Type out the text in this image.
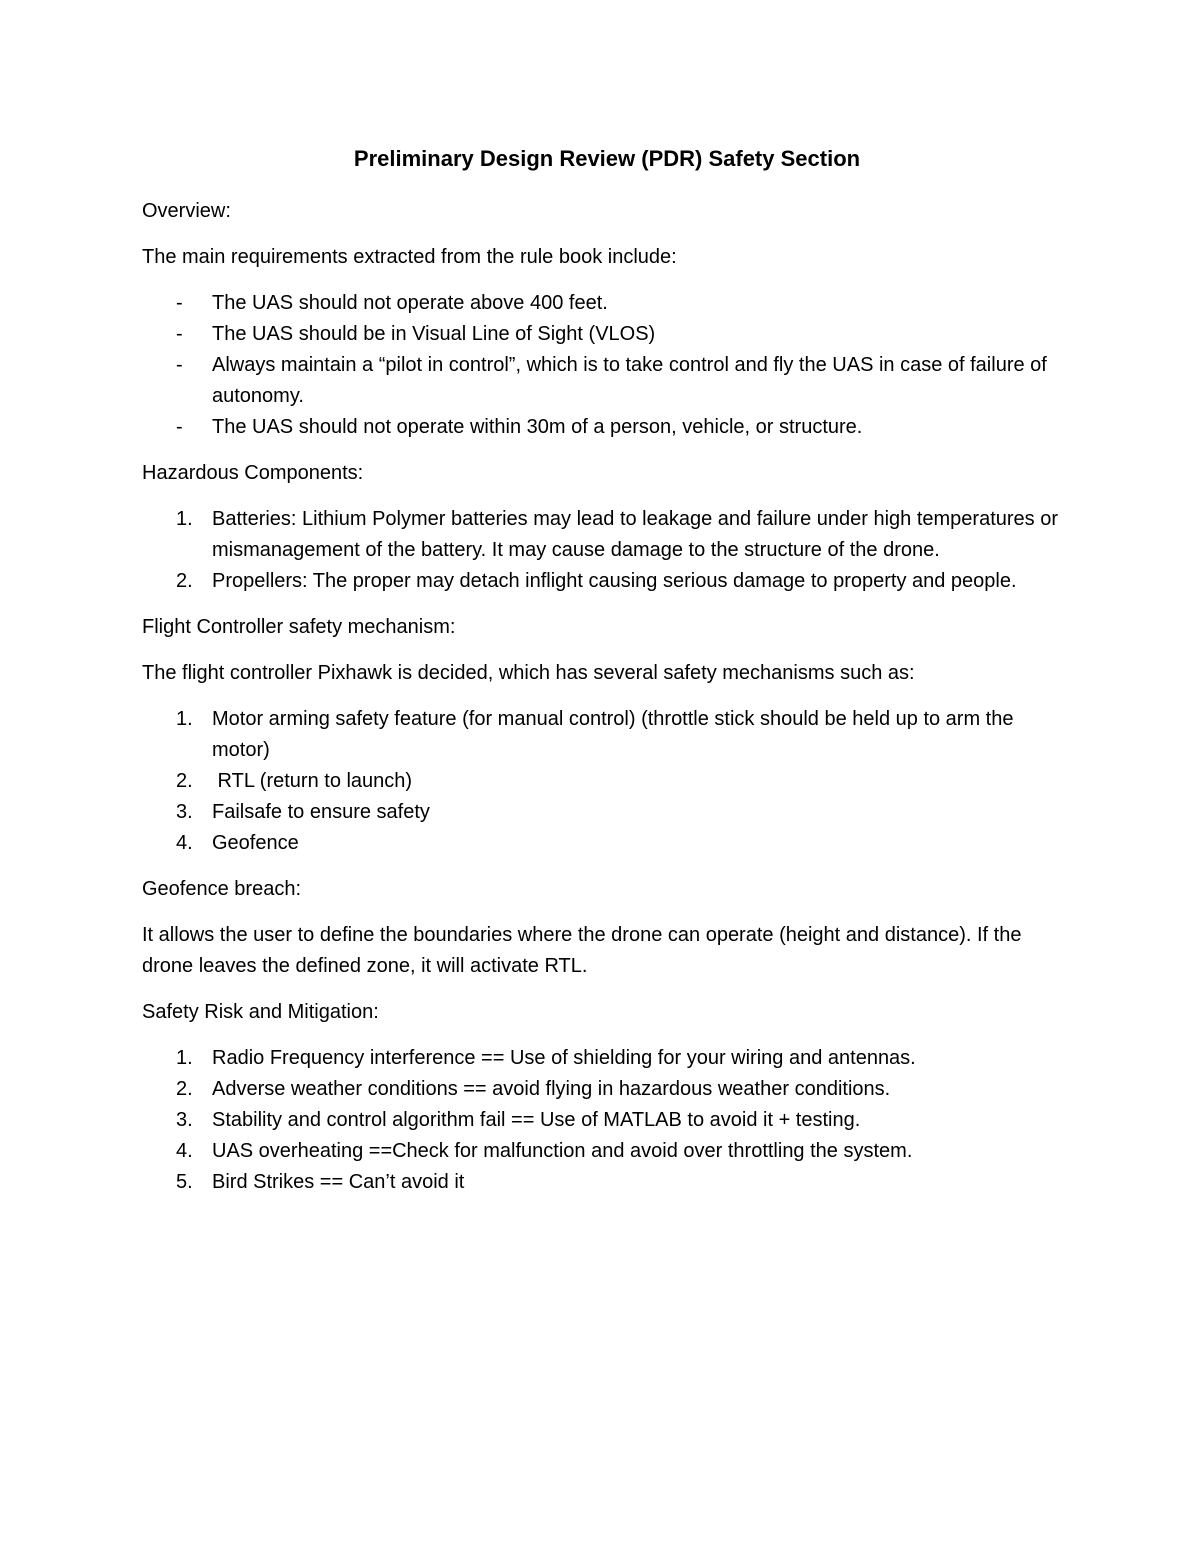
Preliminary Design Review (PDR) Safety Section

Overview:

The main requirements extracted from the rule book include:

- The UAS should not operate above 400 feet.
- The UAS should be in Visual Line of Sight (VLOS)
- Always maintain a “pilot in control”, which is to take control and fly the UAS in case of failure of autonomy.
- The UAS should not operate within 30m of a person, vehicle, or structure.

Hazardous Components:

1. Batteries: Lithium Polymer batteries may lead to leakage and failure under high temperatures or mismanagement of the battery. It may cause damage to the structure of the drone.
2. Propellers: The proper may detach inflight causing serious damage to property and people.

Flight Controller safety mechanism:

The flight controller Pixhawk is decided, which has several safety mechanisms such as:

1. Motor arming safety feature (for manual control) (throttle stick should be held up to arm the motor)
2. RTL (return to launch)
3. Failsafe to ensure safety
4. Geofence

Geofence breach:

It allows the user to define the boundaries where the drone can operate (height and distance). If the drone leaves the defined zone, it will activate RTL.

Safety Risk and Mitigation:

1. Radio Frequency interference == Use of shielding for your wiring and antennas.
2. Adverse weather conditions == avoid flying in hazardous weather conditions.
3. Stability and control algorithm fail == Use of MATLAB to avoid it + testing.
4. UAS overheating ==Check for malfunction and avoid over throttling the system.
5. Bird Strikes == Can’t avoid it
